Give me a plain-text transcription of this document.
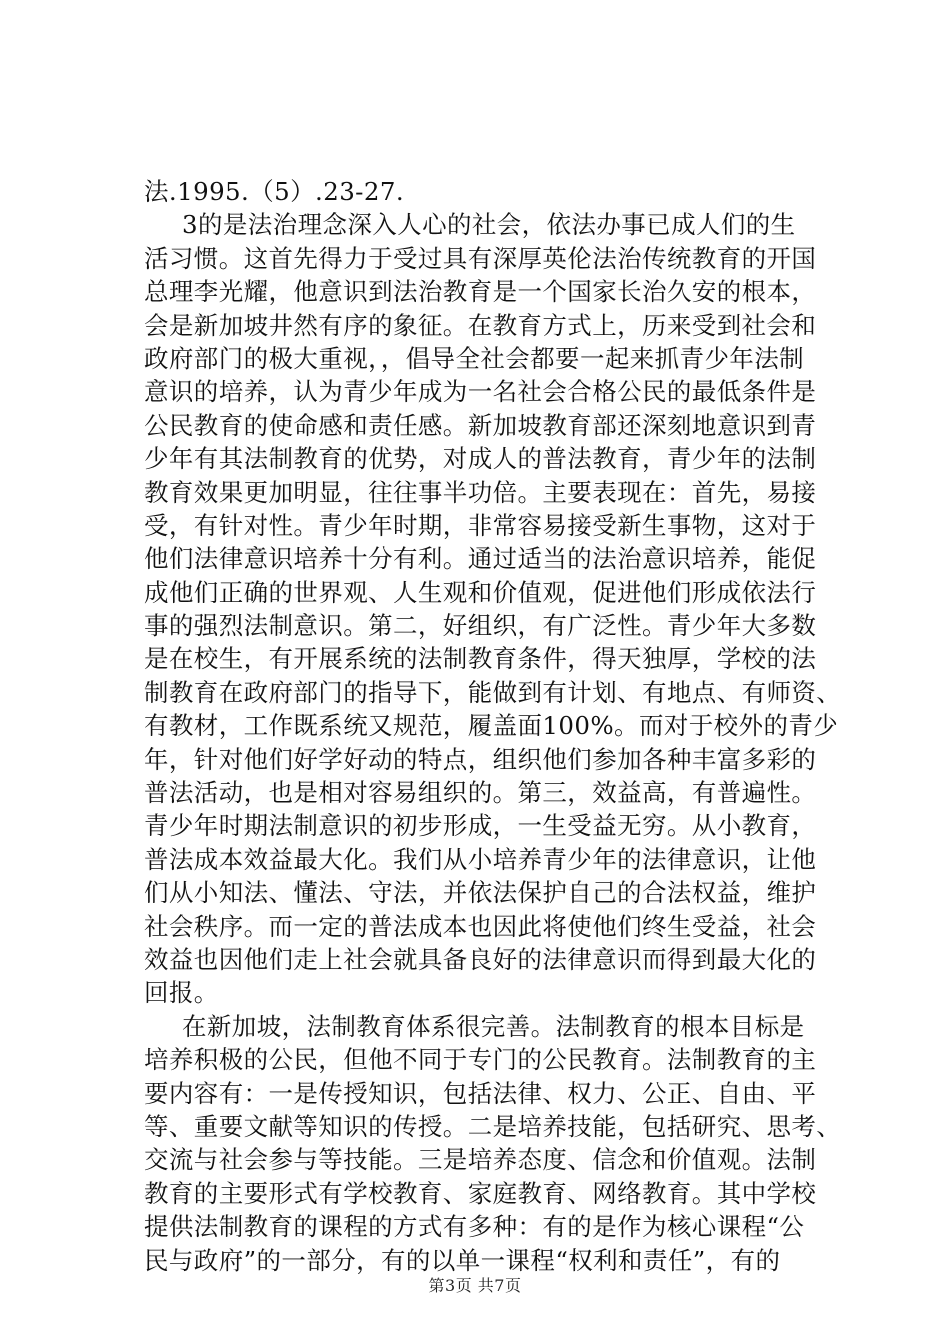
法.1995.（5）.23-27.
3的是法治理念深入人心的社会，依法办事已成人们的生
活习惯。这首先得力于受过具有深厚英伦法治传统教育的开国
总理李光耀，他意识到法治教育是一个国家长治久安的根本，
会是新加坡井然有序的象征。在教育方式上，历来受到社会和
政府部门的极大重视，，倡导全社会都要一起来抓青少年法制
意识的培养，认为青少年成为一名社会合格公民的最低条件是
公民教育的使命感和责任感。新加坡教育部还深刻地意识到青
少年有其法制教育的优势，对成人的普法教育，青少年的法制
教育效果更加明显，往往事半功倍。主要表现在：首先，易接
受，有针对性。青少年时期，非常容易接受新生事物，这对于
他们法律意识培养十分有利。通过适当的法治意识培养，能促
成他们正确的世界观、人生观和价值观，促进他们形成依法行
事的强烈法制意识。第二，好组织，有广泛性。青少年大多数
是在校生，有开展系统的法制教育条件，得天独厚，学校的法
制教育在政府部门的指导下，能做到有计划、有地点、有师资、
有教材，工作既系统又规范，履盖面100%。而对于校外的青少
年，针对他们好学好动的特点，组织他们参加各种丰富多彩的
普法活动，也是相对容易组织的。第三，效益高，有普遍性。
青少年时期法制意识的初步形成，一生受益无穷。从小教育，
普法成本效益最大化。我们从小培养青少年的法律意识，让他
们从小知法、懂法、守法，并依法保护自己的合法权益，维护
社会秩序。而一定的普法成本也因此将使他们终生受益，社会
效益也因他们走上社会就具备良好的法律意识而得到最大化的
回报。
在新加坡，法制教育体系很完善。法制教育的根本目标是
培养积极的公民，但他不同于专门的公民教育。法制教育的主
要内容有：一是传授知识，包括法律、权力、公正、自由、平
等、重要文献等知识的传授。二是培养技能，包括研究、思考、
交流与社会参与等技能。三是培养态度、信念和价值观。法制
教育的主要形式有学校教育、家庭教育、网络教育。其中学校
提供法制教育的课程的方式有多种：有的是作为核心课程“公
民与政府”的一部分，有的以单一课程“权利和责任”，有的
第3页 共7页
